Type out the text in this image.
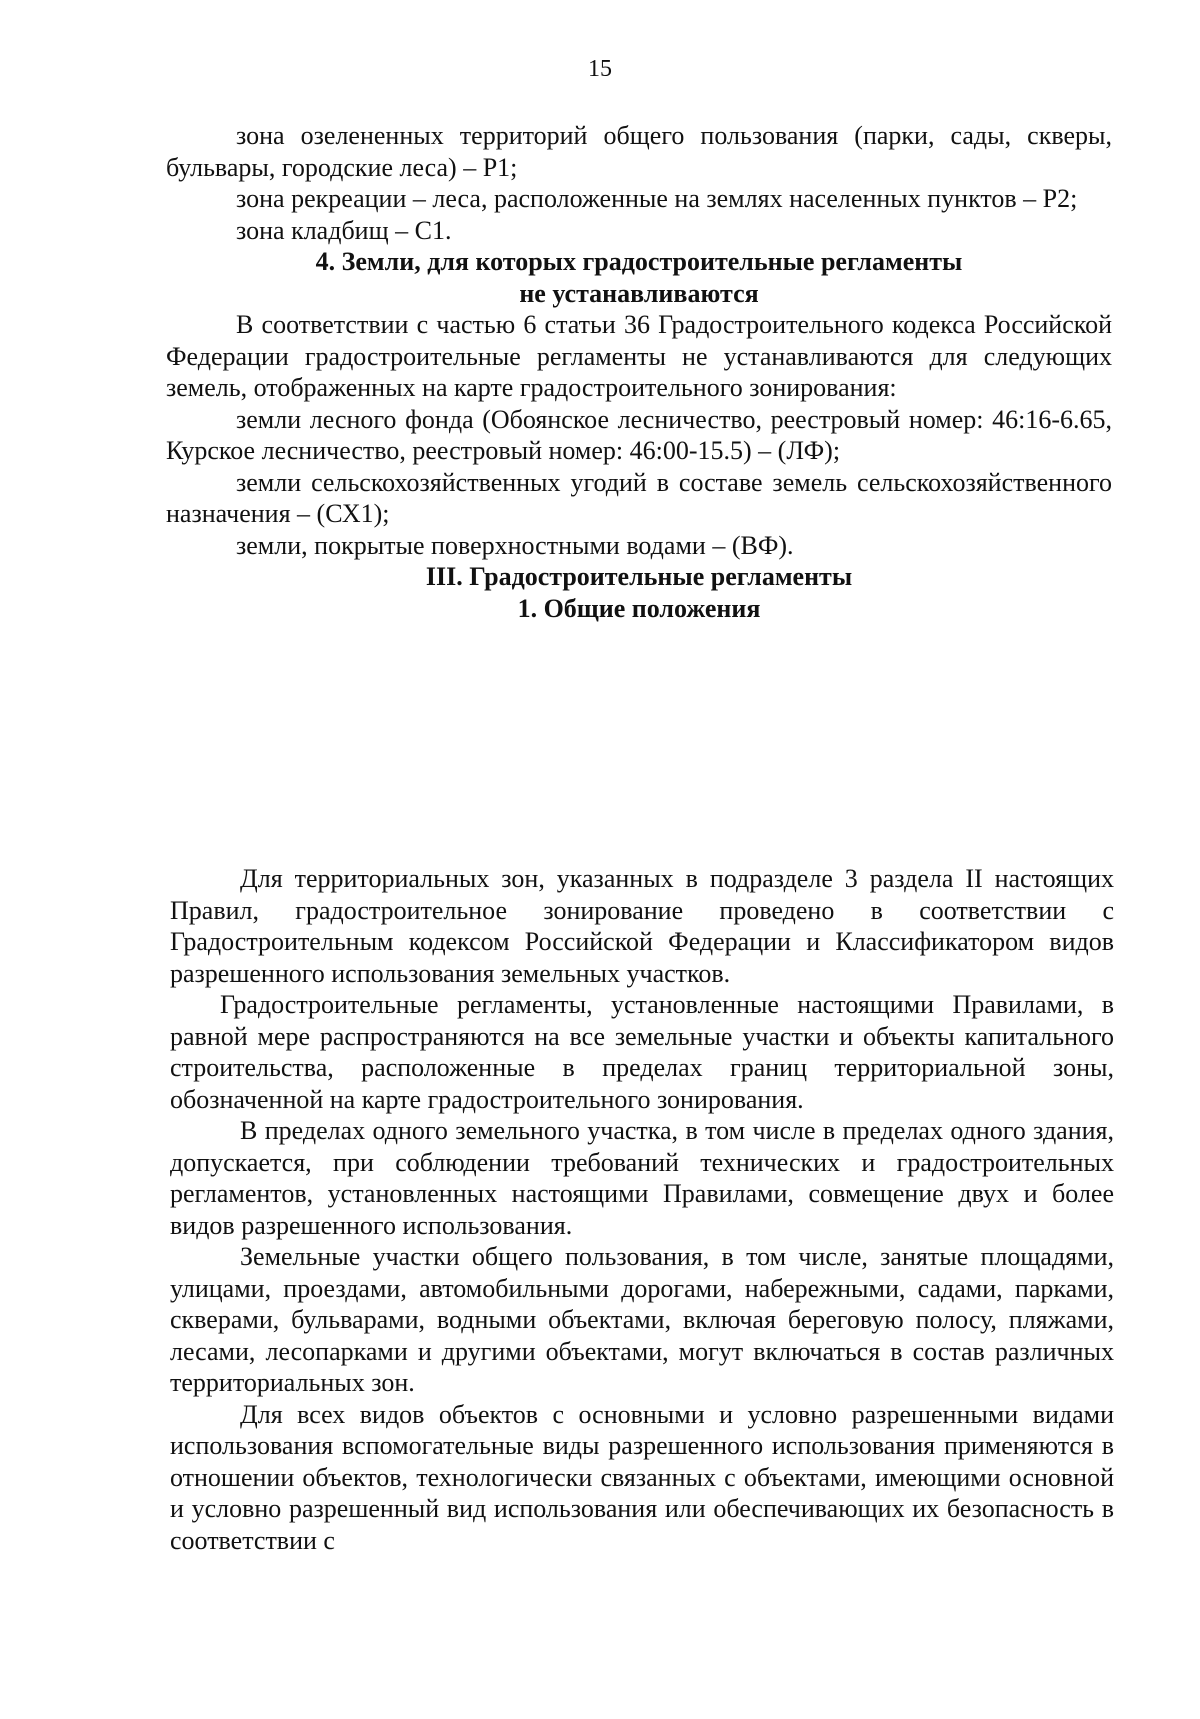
15

зона озелененных территорий общего пользования (парки, сады, скверы, бульвары, городские леса) – Р1;

зона рекреации – леса, расположенные на землях населенных пунктов – Р2;

зона кладбищ – С1.

4. Земли, для которых градостроительные регламенты
не устанавливаются

В соответствии с частью 6 статьи 36 Градостроительного кодекса Российской Федерации градостроительные регламенты не устанавливаются для следующих земель, отображенных на карте градостроительного зонирования:

земли лесного фонда (Обоянское лесничество, реестровый номер: 46:16-6.65, Курское лесничество, реестровый номер: 46:00-15.5) – (ЛФ);

земли сельскохозяйственных угодий в составе земель сельскохозяйственного назначения – (СХ1);

земли, покрытые поверхностными водами – (ВФ).

III. Градостроительные регламенты
1. Общие положения

Для территориальных зон, указанных в подразделе 3 раздела II настоящих Правил, градостроительное зонирование проведено в соответствии с Градостроительным кодексом Российской Федерации и Классификатором видов разрешенного использования земельных участков.

Градостроительные регламенты, установленные настоящими Правилами, в равной мере распространяются на все земельные участки и объекты капитального строительства, расположенные в пределах границ территориальной зоны, обозначенной на карте градостроительного зонирования.

В пределах одного земельного участка, в том числе в пределах одного здания, допускается, при соблюдении требований технических и градостроительных регламентов, установленных настоящими Правилами, совмещение двух и более видов разрешенного использования.

Земельные участки общего пользования, в том числе, занятые площадями, улицами, проездами, автомобильными дорогами, набережными, садами, парками, скверами, бульварами, водными объектами, включая береговую полосу, пляжами, лесами, лесопарками и другими объектами, могут включаться в состав различных территориальных зон.

Для всех видов объектов с основными и условно разрешенными видами использования вспомогательные виды разрешенного использования применяются в отношении объектов, технологически связанных с объектами, имеющими основной и условно разрешенный вид использования или обеспечивающих их безопасность в соответствии с
